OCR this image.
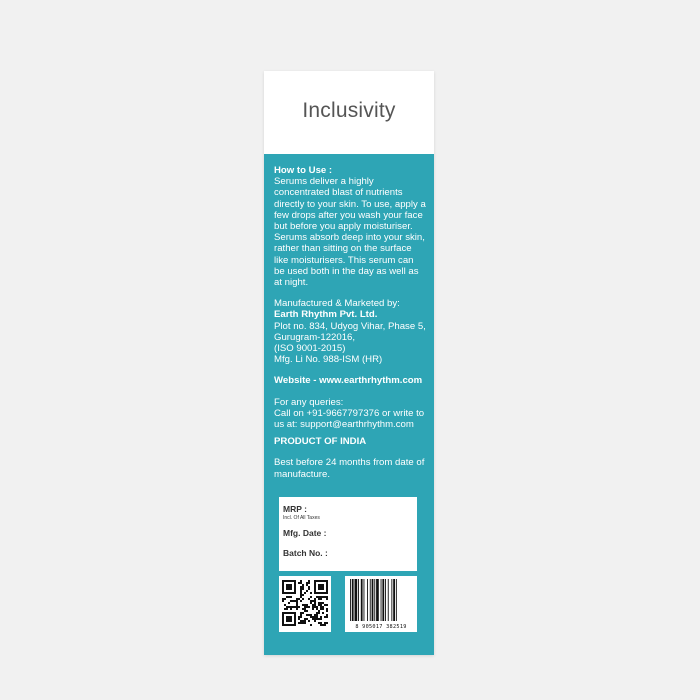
Inclusivity

How to Use :

Serums deliver a highly concentrated blast of nutrients directly to your skin. To use, apply a few drops after you wash your face but before you apply moisturiser. Serums absorb deep into your skin, rather than sitting on the surface like moisturisers. This serum can be used both in the day as well as at night.

Manufactured & Marketed by:

Earth Rhythm Pvt. Ltd.

Plot no. 834, Udyog Vihar, Phase 5,

Gurugram-122016,

(ISO 9001-2015)

Mfg. Li No. 988-ISM (HR)

Website - www.earthrhythm.com

For any queries:

Call on +91-9667797376 or write to us at: support@earthrhythm.com

PRODUCT OF INDIA

Best before 24 months from date of manufacture.

MRP :
Incl. Of All Taxes
Mfg. Date :
Batch No. :
8 905017 382519
